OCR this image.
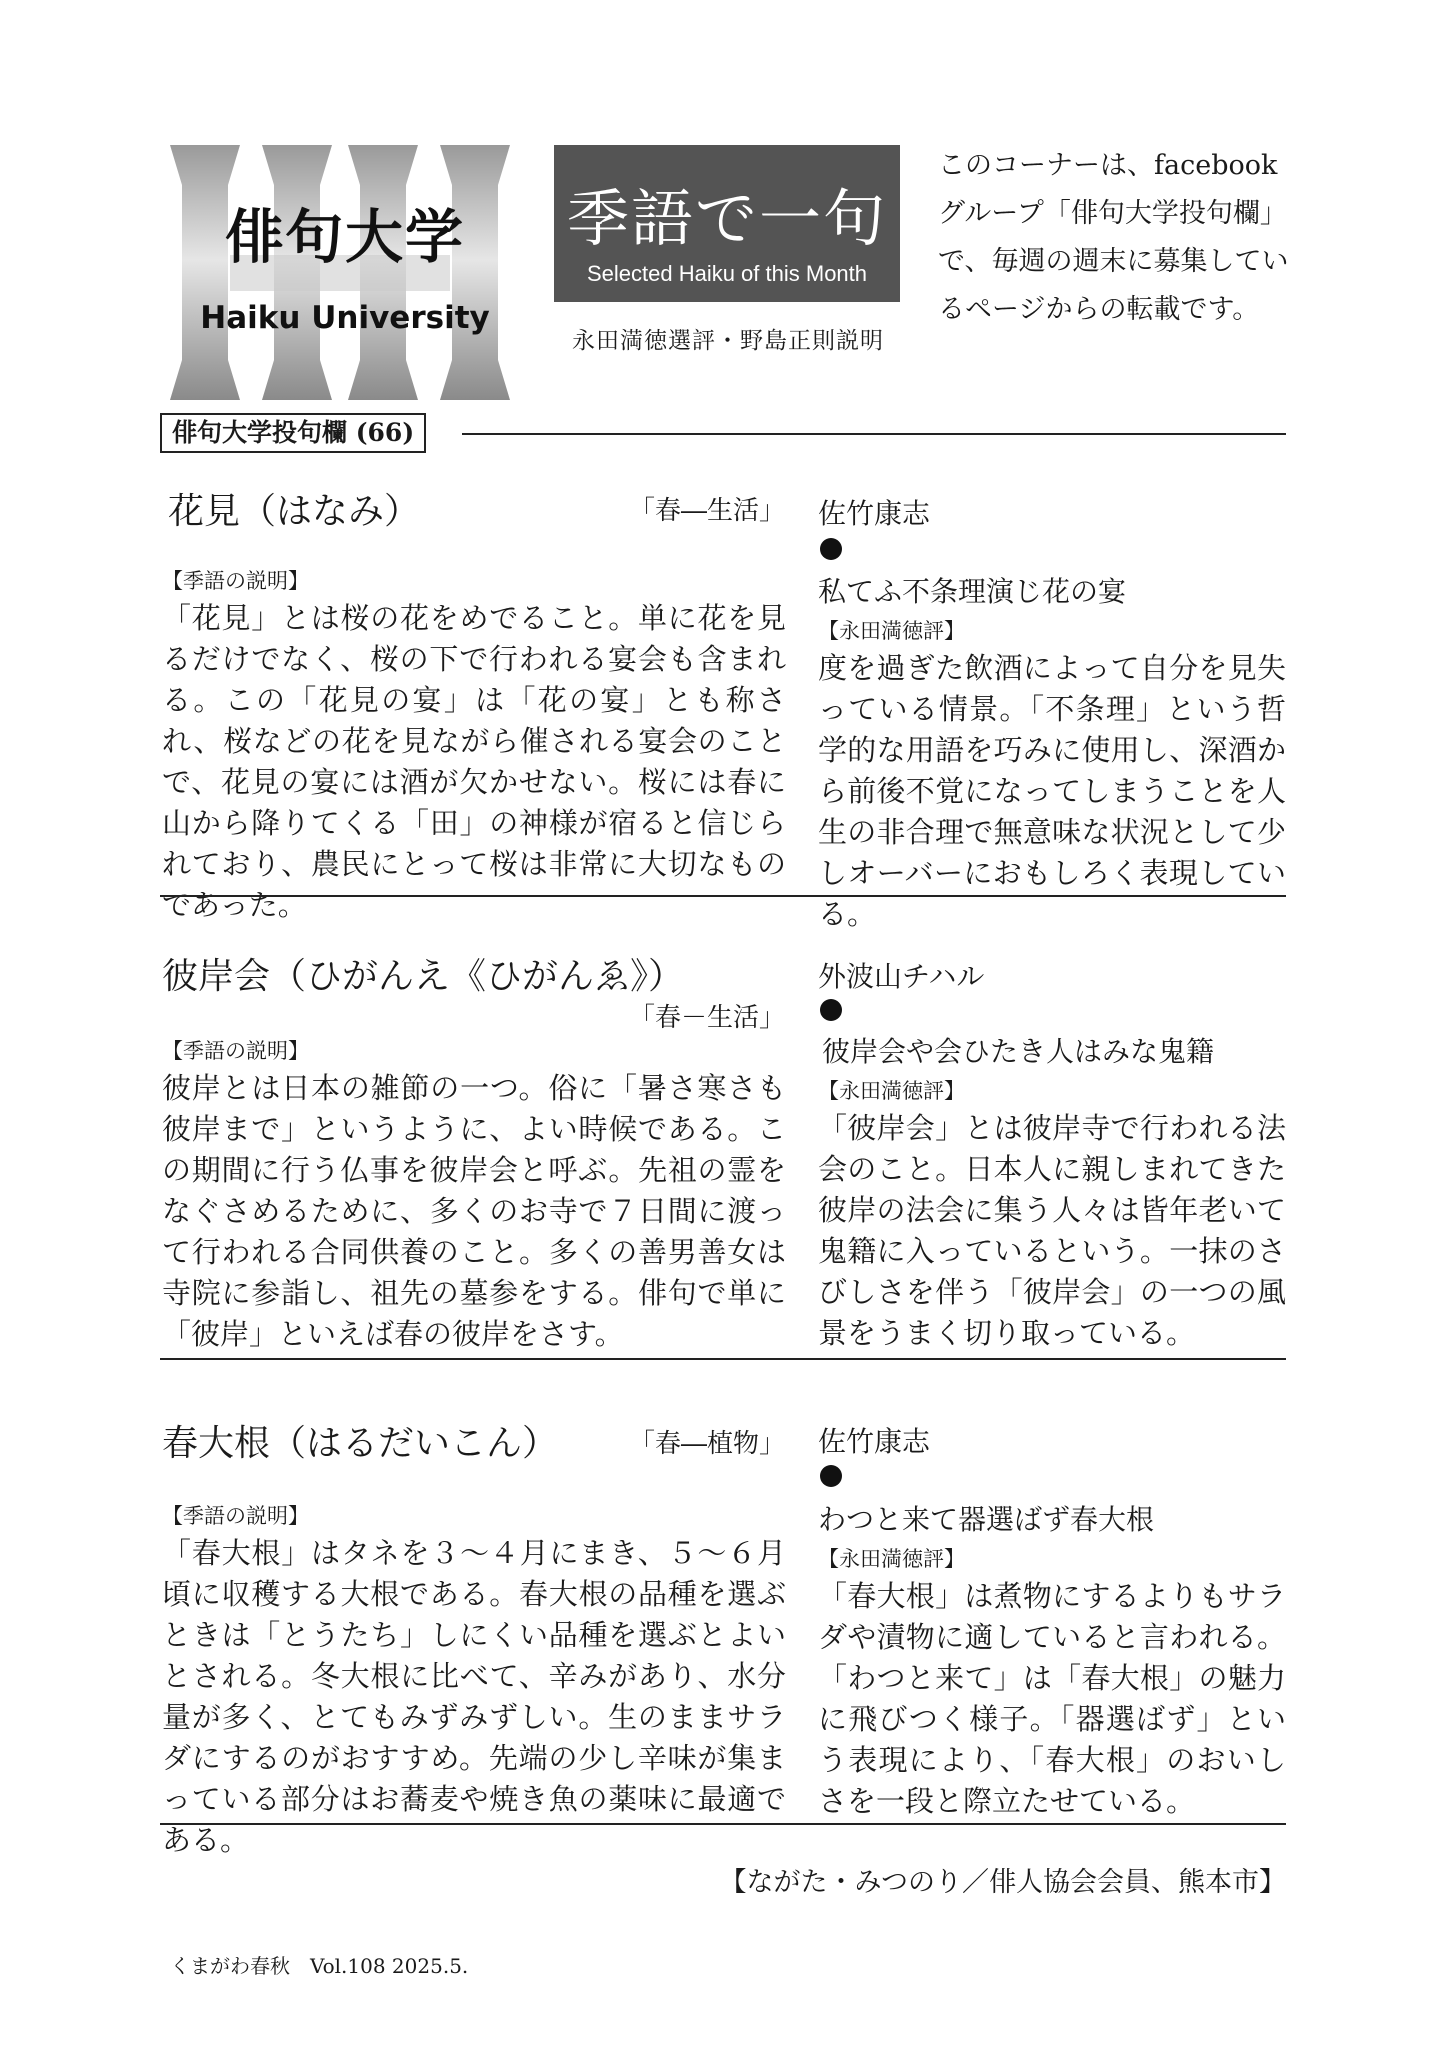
俳句大学
Haiku University
季語で一句
Selected Haiku of this Month
永田満徳選評・野島正則説明
このコーナーは、facebook グループ「俳句大学投句欄」で、毎週の週末に募集しているページからの転載です。
俳句大学投句欄 (66)
花見（はなみ）	「春―生活」
【季語の説明】
「花見」とは桜の花をめでること。単に花を見るだけでなく、桜の下で行われる宴会も含まれる。この「花見の宴」は「花の宴」とも称され、桜などの花を見ながら催される宴会のことで、花見の宴には酒が欠かせない。桜には春に山から降りてくる「田」の神様が宿ると信じられており、農民にとって桜は非常に大切なものであった。
佐竹康志
私てふ不条理演じ花の宴
【永田満徳評】
度を過ぎた飲酒によって自分を見失っている情景。「不条理」という哲学的な用語を巧みに使用し、深酒から前後不覚になってしまうことを人生の非合理で無意味な状況として少しオーバーにおもしろく表現している。
彼岸会（ひがんえ《ひがんゑ》）
「春－生活」
【季語の説明】
彼岸とは日本の雑節の一つ。俗に「暑さ寒さも彼岸まで」というように、よい時候である。この期間に行う仏事を彼岸会と呼ぶ。先祖の霊をなぐさめるために、多くのお寺で７日間に渡って行われる合同供養のこと。多くの善男善女は寺院に参詣し、祖先の墓参をする。俳句で単に「彼岸」といえば春の彼岸をさす。
外波山チハル
彼岸会や会ひたき人はみな鬼籍
【永田満徳評】
「彼岸会」とは彼岸寺で行われる法会のこと。日本人に親しまれてきた彼岸の法会に集う人々は皆年老いて鬼籍に入っているという。一抹のさびしさを伴う「彼岸会」の一つの風景をうまく切り取っている。
春大根（はるだいこん）	「春―植物」
【季語の説明】
「春大根」はタネを３～４月にまき、５～６月頃に収穫する大根である。春大根の品種を選ぶときは「とうたち」しにくい品種を選ぶとよいとされる。冬大根に比べて、辛みがあり、水分量が多く、とてもみずみずしい。生のままサラダにするのがおすすめ。先端の少し辛味が集まっている部分はお蕎麦や焼き魚の薬味に最適である。
佐竹康志
わつと来て器選ばず春大根
【永田満徳評】
「春大根」は煮物にするよりもサラダや漬物に適していると言われる。「わつと来て」は「春大根」の魅力に飛びつく様子。「器選ばず」という表現により、「春大根」のおいしさを一段と際立たせている。
【ながた・みつのり／俳人協会会員、熊本市】
くまがわ春秋　Vol.108 2025.5.
